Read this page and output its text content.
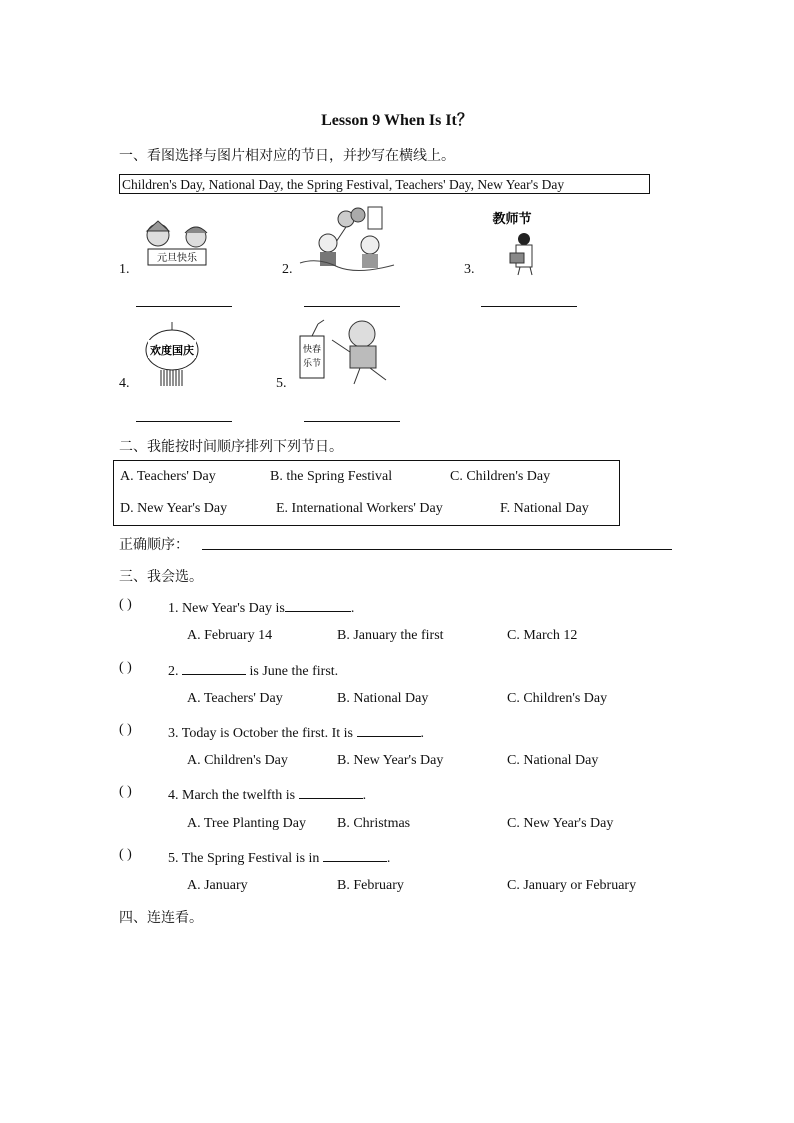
Lesson 9 When Is It？
一、看图选择与图片相对应的节日，并抄写在横线上。
Children's Day, National Day, the Spring Festival, Teachers' Day, New Year's Day
1.
元旦快乐
2.	3.
教师节
4.
欢度国庆
5.
快春
乐节
二、我能按时间顺序排列下列节日。
A. Teachers' Day	B. the Spring Festival	C. Children's Day
D. New Year's Day	E. International Workers' Day	F. National Day
正确顺序：
三、我会选。
( )	1. New Year's Day is	.
A. February 14	B. January the first	C. March 12
( )	2.	is June the first.
A. Teachers' Day	B. National Day	C. Children's Day
( )	3. Today is October the first. It is	.
A. Children's Day	B. New Year's Day	C. National Day
( )	4. March the twelfth is	.
A. Tree Planting Day B. Christmas	C. New Year's Day
( )	5. The Spring Festival is in	.
A. January	B. February	C. January or February
四、连连看。
